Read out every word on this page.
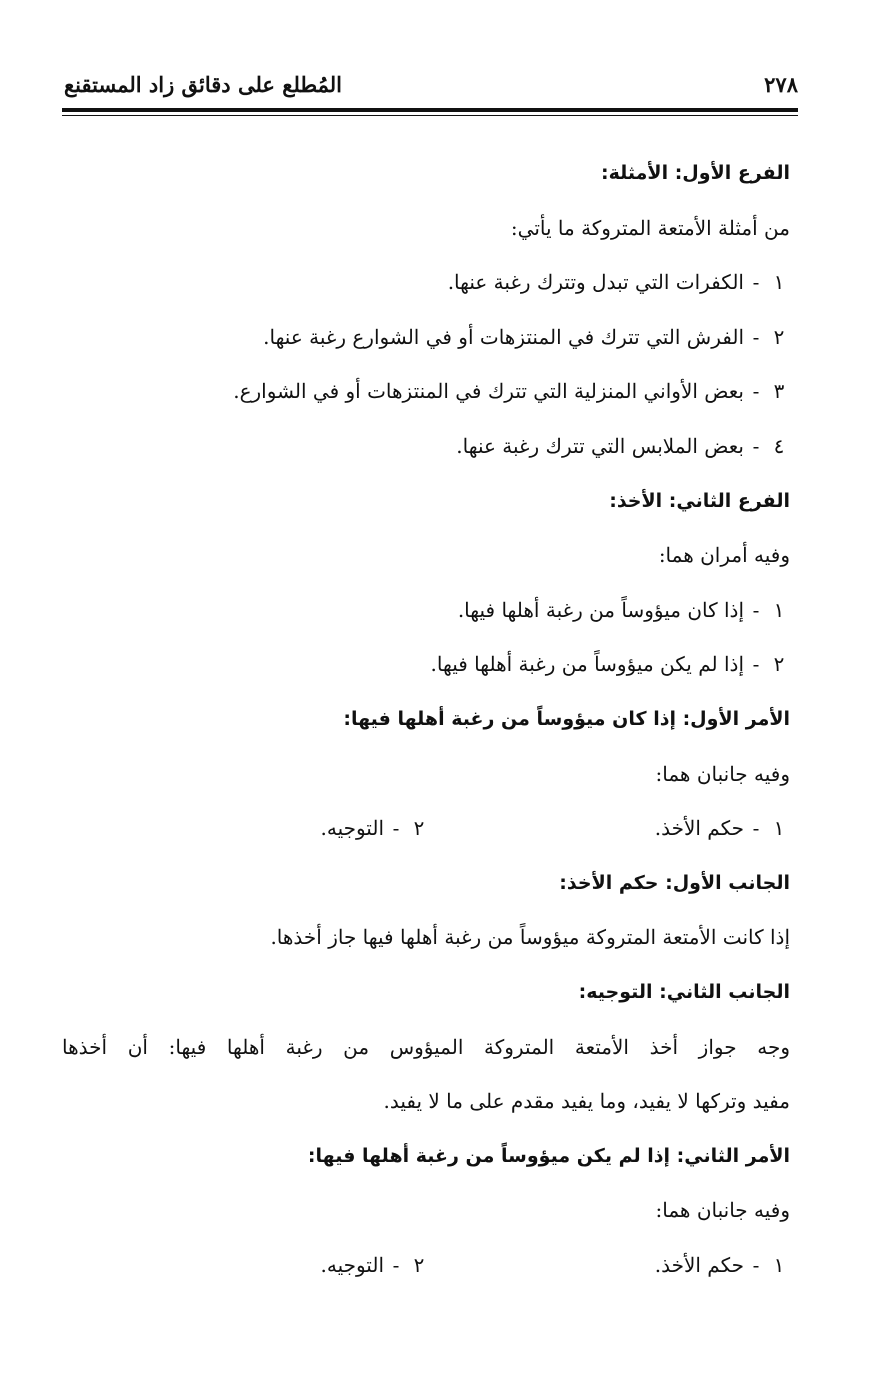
٢٧٨
المُطلع على دقائق زاد المستقنع
الفرع الأول: الأمثلة:
من أمثلة الأمتعة المتروكة ما يأتي:
١-الكفرات التي تبدل وتترك رغبة عنها.
٢-الفرش التي تترك في المنتزهات أو في الشوارع رغبة عنها.
٣-بعض الأواني المنزلية التي تترك في المنتزهات أو في الشوارع.
٤-بعض الملابس التي تترك رغبة عنها.
الفرع الثاني: الأخذ:
وفيه أمران هما:
١-إذا كان ميؤوساً من رغبة أهلها فيها.
٢-إذا لم يكن ميؤوساً من رغبة أهلها فيها.
الأمر الأول: إذا كان ميؤوساً من رغبة أهلها فيها:
وفيه جانبان هما:
١-حكم الأخذ.
٢-التوجيه.
الجانب الأول: حكم الأخذ:
إذا كانت الأمتعة المتروكة ميؤوساً من رغبة أهلها فيها جاز أخذها.
الجانب الثاني: التوجيه:
وجه جواز أخذ الأمتعة المتروكة الميؤوس من رغبة أهلها فيها: أن أخذها
مفيد وتركها لا يفيد، وما يفيد مقدم على ما لا يفيد.
الأمر الثاني: إذا لم يكن ميؤوساً من رغبة أهلها فيها:
وفيه جانبان هما:
١-حكم الأخذ.
٢-التوجيه.
